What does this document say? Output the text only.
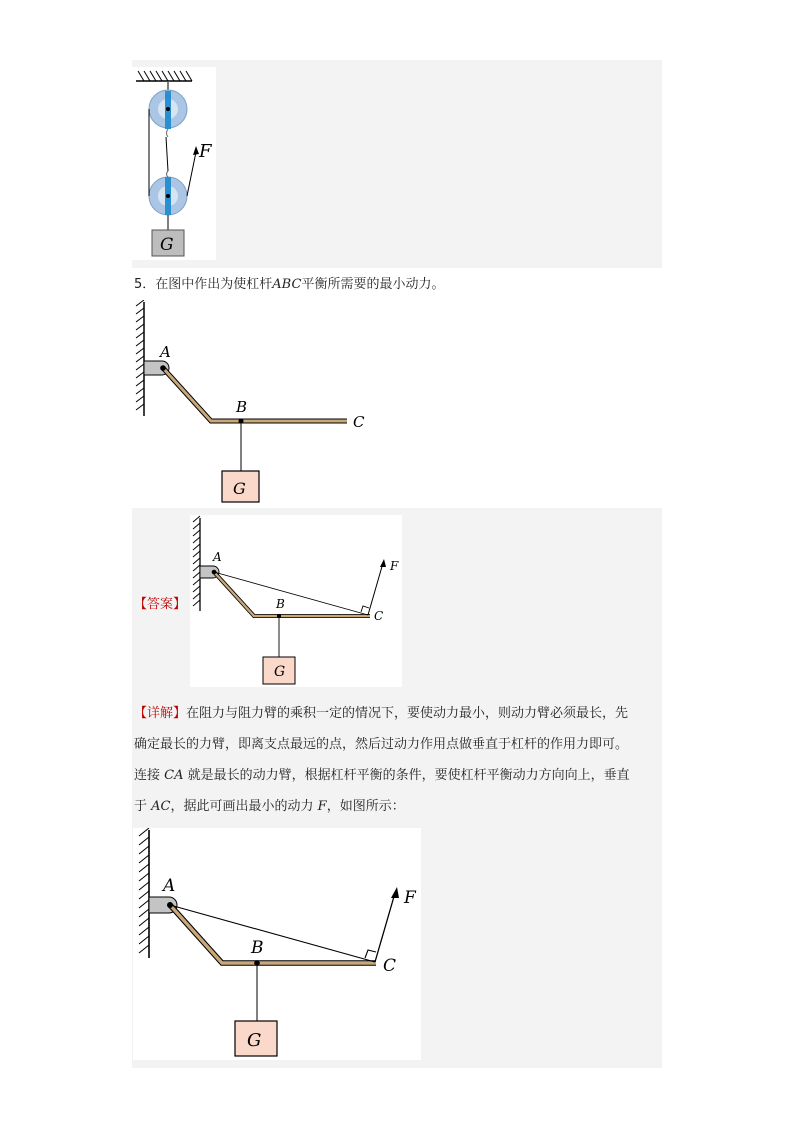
F
G
5．在图中作出为使杠杆ABC平衡所需要的最小动力。
A
B
C
G
【答案】
A
B
C
F
G
【详解】在阻力与阻力臂的乘积一定的情况下，要使动力最小，则动力臂必须最长，先
确定最长的力臂，即离支点最远的点，然后过动力作用点做垂直于杠杆的作用力即可。
连接 CA 就是最长的动力臂，根据杠杆平衡的条件，要使杠杆平衡动力方向向上，垂直
于 AC，据此可画出最小的动力 F，如图所示：
A
B
C
F
G
